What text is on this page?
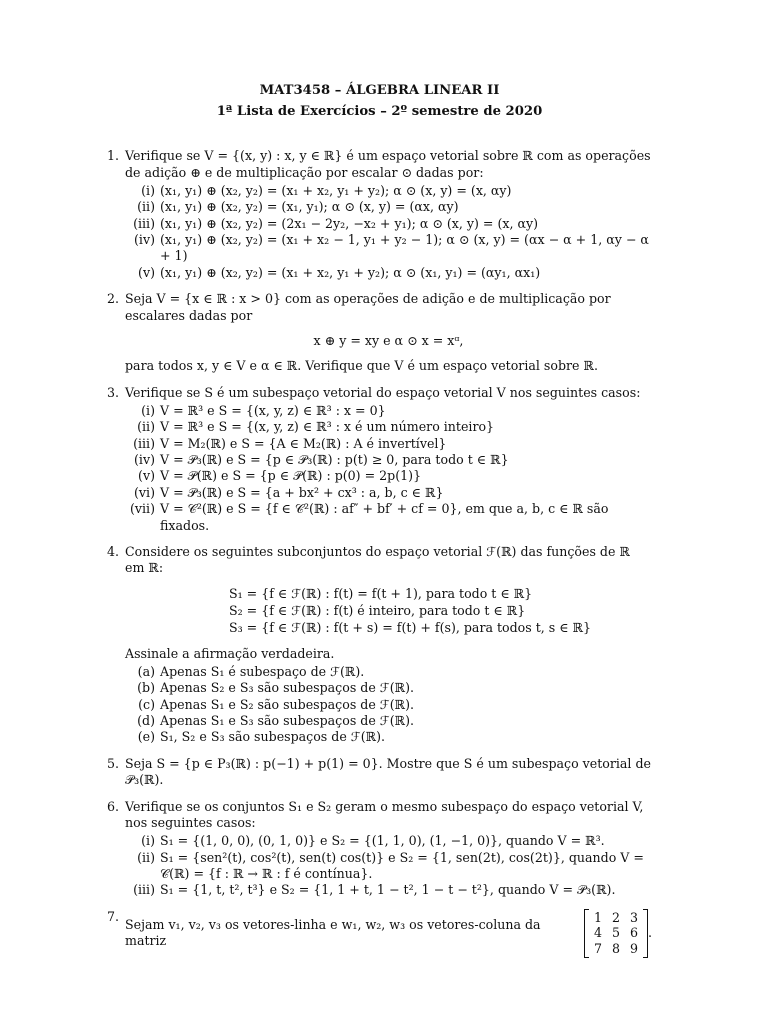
MAT3458 – ÁLGEBRA LINEAR II
1ª Lista de Exercícios – 2º semestre de 2020
1. Verifique se V = {(x, y) : x, y ∈ ℝ} é um espaço vetorial sobre ℝ com as operações de adição ⊕ e de multiplicação por escalar ⊙ dadas por:

(i) (x₁, y₁) ⊕ (x₂, y₂) = (x₁ + x₂, y₁ + y₂); α ⊙ (x, y) = (x, αy)
(ii) (x₁, y₁) ⊕ (x₂, y₂) = (x₁, y₁); α ⊙ (x, y) = (αx, αy)
(iii) (x₁, y₁) ⊕ (x₂, y₂) = (2x₁ − 2y₂, −x₂ + y₁); α ⊙ (x, y) = (x, αy)
(iv) (x₁, y₁) ⊕ (x₂, y₂) = (x₁ + x₂ − 1, y₁ + y₂ − 1); α ⊙ (x, y) = (αx − α + 1, αy − α + 1)
(v) (x₁, y₁) ⊕ (x₂, y₂) = (x₁ + x₂, y₁ + y₂); α ⊙ (x₁, y₁) = (αy₁, αx₁)
2. Seja V = {x ∈ ℝ : x > 0} com as operações de adição e de multiplicação por escalares dadas por

x ⊕ y = xy e α ⊙ x = xᵅ,

para todos x, y ∈ V e α ∈ ℝ. Verifique que V é um espaço vetorial sobre ℝ.

3. Verifique se S é um subespaço vetorial do espaço vetorial V nos seguintes casos:

(i) V = ℝ³ e S = {(x, y, z) ∈ ℝ³ : x = 0}
(ii) V = ℝ³ e S = {(x, y, z) ∈ ℝ³ : x é um número inteiro}
(iii) V = M₂(ℝ) e S = {A ∈ M₂(ℝ) : A é invertível}
(iv) V = 𝒫₃(ℝ) e S = {p ∈ 𝒫₃(ℝ) : p(t) ≥ 0, para todo t ∈ ℝ}
(v) V = 𝒫(ℝ) e S = {p ∈ 𝒫(ℝ) : p(0) = 2p(1)}
(vi) V = 𝒫₃(ℝ) e S = {a + bx² + cx³ : a, b, c ∈ ℝ}
(vii) V = 𝒞²(ℝ) e S = {f ∈ 𝒞²(ℝ) : af″ + bf′ + cf = 0}, em que a, b, c ∈ ℝ são fixados.
4. Considere os seguintes subconjuntos do espaço vetorial ℱ(ℝ) das funções de ℝ em ℝ:

S₁ = {f ∈ ℱ(ℝ) : f(t) = f(t + 1), para todo t ∈ ℝ}
S₂ = {f ∈ ℱ(ℝ) : f(t) é inteiro, para todo t ∈ ℝ}
S₃ = {f ∈ ℱ(ℝ) : f(t + s) = f(t) + f(s), para todos t, s ∈ ℝ}

Assinale a afirmação verdadeira.

(a) Apenas S₁ é subespaço de ℱ(ℝ).
(b) Apenas S₂ e S₃ são subespaços de ℱ(ℝ).
(c) Apenas S₁ e S₂ são subespaços de ℱ(ℝ).
(d) Apenas S₁ e S₃ são subespaços de ℱ(ℝ).
(e) S₁, S₂ e S₃ são subespaços de ℱ(ℝ).
5. Seja S = {p ∈ P₃(ℝ) : p(−1) + p(1) = 0}. Mostre que S é um subespaço vetorial de 𝒫₃(ℝ).

6. Verifique se os conjuntos S₁ e S₂ geram o mesmo subespaço do espaço vetorial V, nos seguintes casos:

(i) S₁ = {(1, 0, 0), (0, 1, 0)} e S₂ = {(1, 1, 0), (1, −1, 0)}, quando V = ℝ³.
(ii) S₁ = {sen²(t), cos²(t), sen(t) cos(t)} e S₂ = {1, sen(2t), cos(2t)}, quando V = 𝒞(ℝ) = {f : ℝ → ℝ : f é contínua}.
(iii) S₁ = {1, t, t², t³} e S₂ = {1, 1 + t, 1 − t², 1 − t − t²}, quando V = 𝒫₃(ℝ).
7.
Sejam v₁, v₂, v₃ os vetores-linha e w₁, w₂, w₃ os vetores-coluna da matriz
1 2 3
4 5 6
7 8 9
.
